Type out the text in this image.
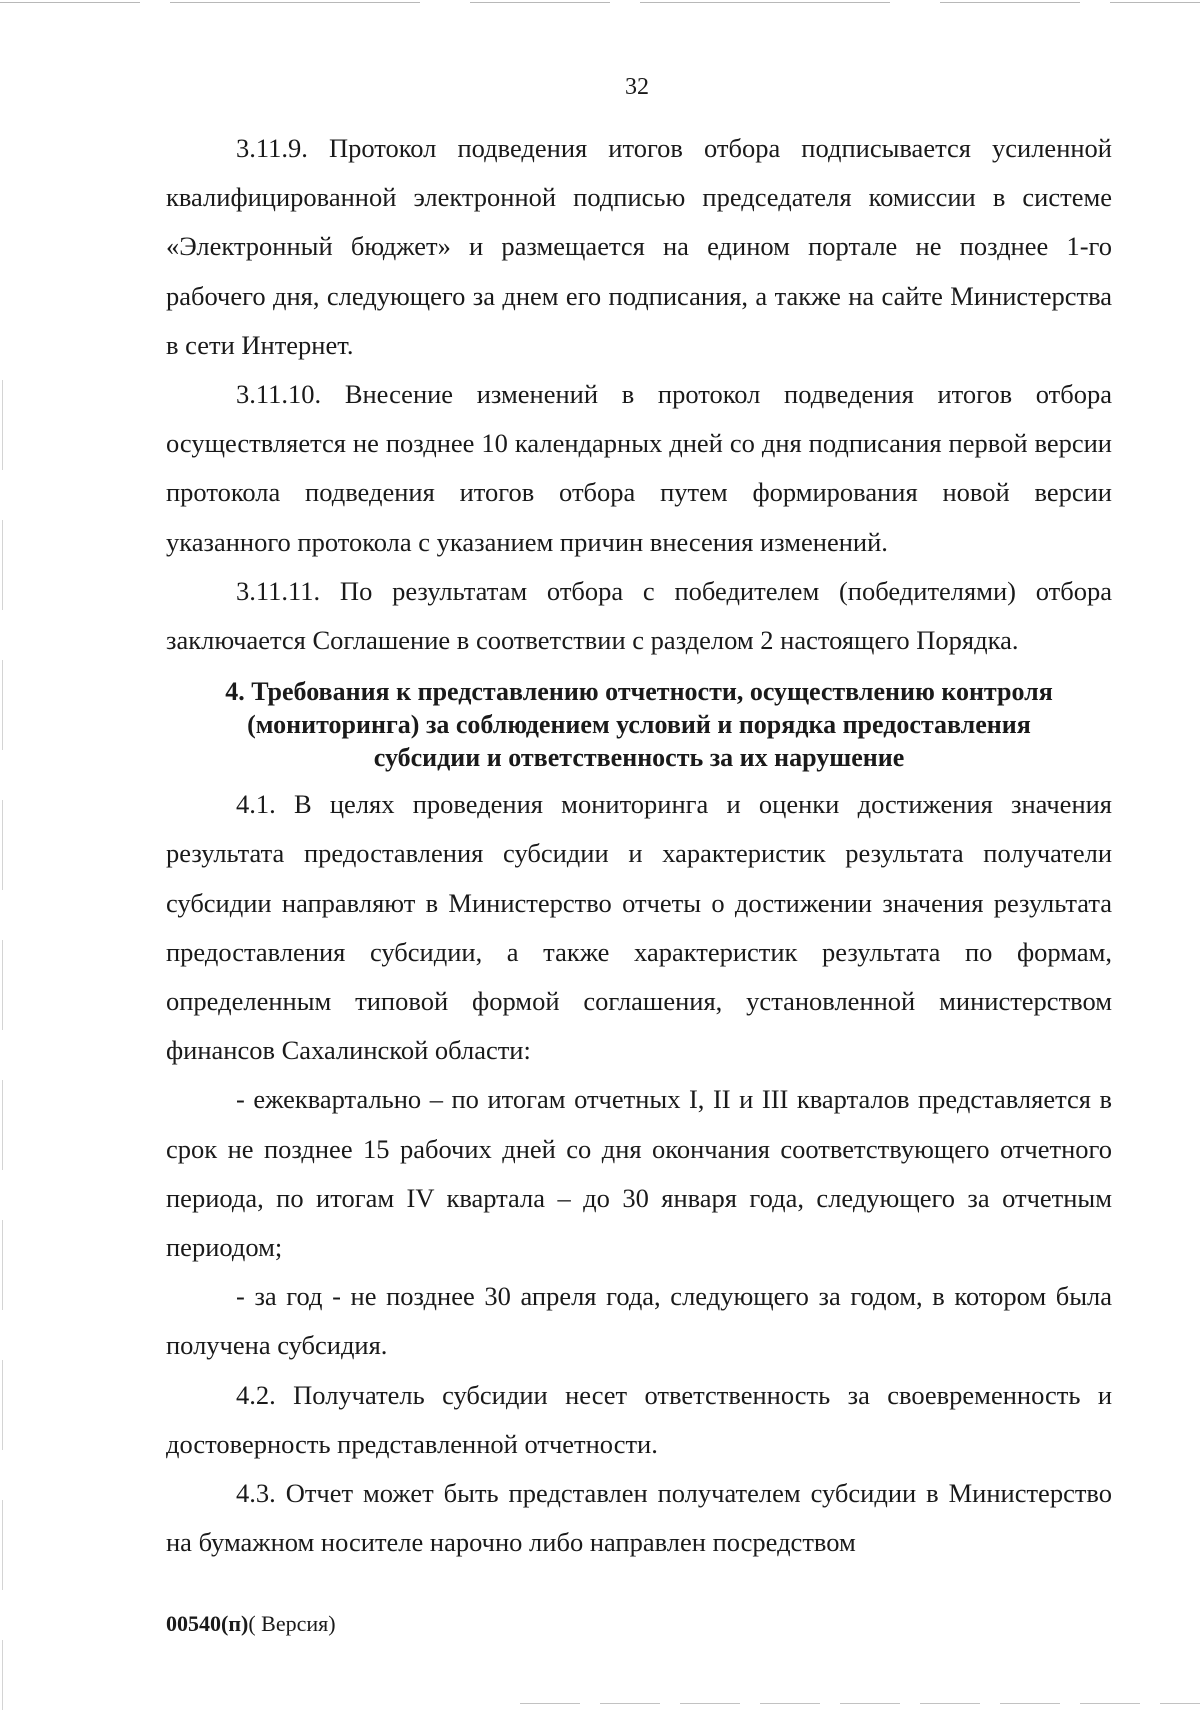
32

3.11.9. Протокол подведения итогов отбора подписывается усиленной квалифицированной электронной подписью председателя комиссии в системе «Электронный бюджет» и размещается на едином портале не позднее 1-го рабочего дня, следующего за днем его подписания, а также на сайте Министерства в сети Интернет.

3.11.10. Внесение изменений в протокол подведения итогов отбора осуществляется не позднее 10 календарных дней со дня подписания первой версии протокола подведения итогов отбора путем формирования новой версии указанного протокола с указанием причин внесения изменений.

3.11.11. По результатам отбора с победителем (победителями) отбора заключается Соглашение в соответствии с разделом 2 настоящего Порядка.

4. Требования к представлению отчетности, осуществлению контроля
(мониторинга) за соблюдением условий и порядка предоставления
субсидии и ответственность за их нарушение

4.1. В целях проведения мониторинга и оценки достижения значения результата предоставления субсидии и характеристик результата получатели субсидии направляют в Министерство отчеты о достижении значения результата предоставления субсидии, а также характеристик результата по формам, определенным типовой формой соглашения, установленной министерством финансов Сахалинской области:

- ежеквартально – по итогам отчетных I, II и III кварталов представляется в срок не позднее 15 рабочих дней со дня окончания соответствующего отчетного периода, по итогам IV квартала – до 30 января года, следующего за отчетным периодом;

- за год - не позднее 30 апреля года, следующего за годом, в котором была получена субсидия.

4.2. Получатель субсидии несет ответственность за своевременность и достоверность представленной отчетности.

4.3. Отчет может быть представлен получателем субсидии в Министерство на бумажном носителе нарочно либо направлен посредством

00540(п)( Версия)
